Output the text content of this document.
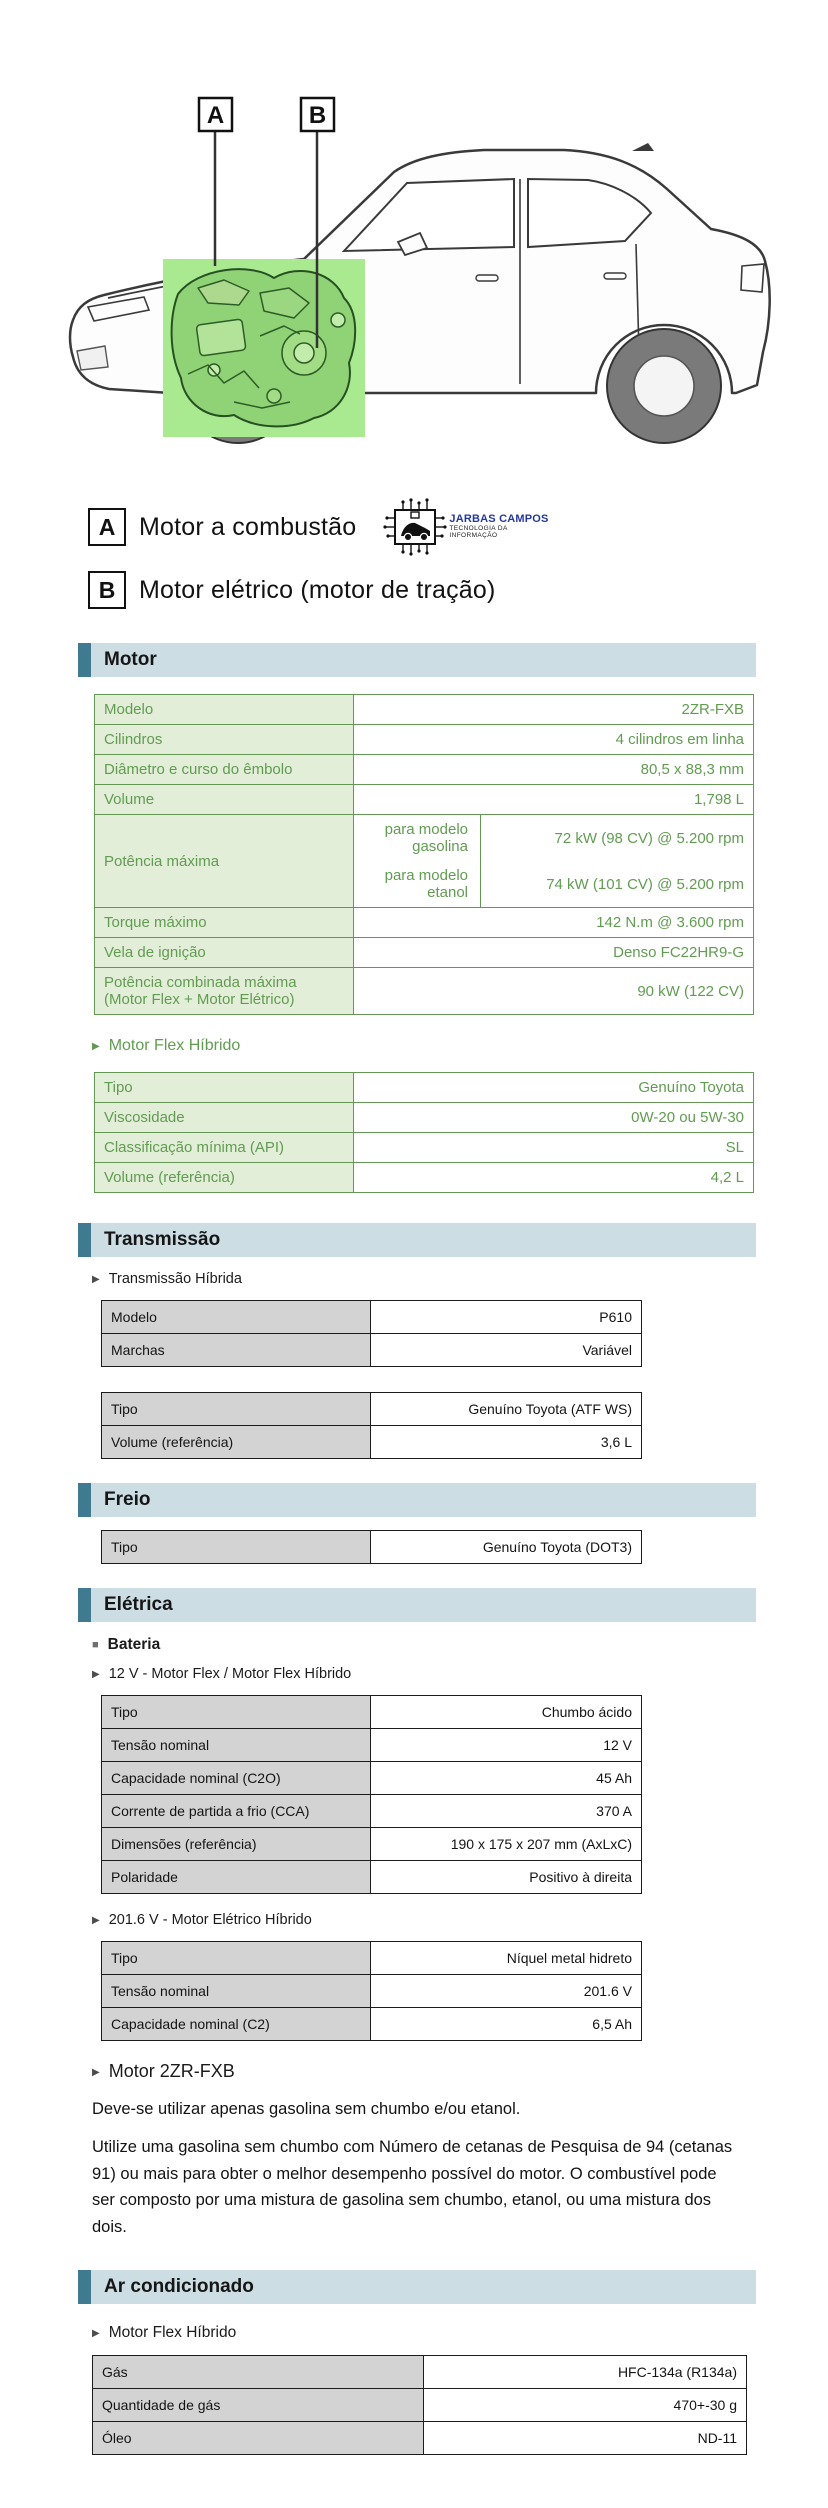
A	B
A Motor a combustão	JARBAS CAMPOS
TECNOLOGIA DA
INFORMAÇÃO
B Motor elétrico (motor de tração)
Motor
Modelo	2ZR-FXB	
Cilindros	4 cilindros em linha	
Diâmetro e curso do êmbolo	80,5 x 88,3 mm	
Volume	1,798 L	
Potência máxima	para modelo gasolina	72 kW (98 CV) @ 5.200 rpm
	para modelo etanol	74 kW (101 CV) @ 5.200 rpm
Torque máximo	142 N.m @ 3.600 rpm	
Vela de ignição	Denso FC22HR9-G	
Potência combinada máxima (Motor Flex + Motor Elétrico)	90 kW (122 CV)	
▶ Motor Flex Híbrido
Tipo	Genuíno Toyota
Viscosidade	0W-20 ou 5W-30
Classificação mínima (API)	SL
Volume (referência)	4,2 L
Transmissão
▶ Transmissão Híbrida
Modelo	P610
Marchas	Variável
Tipo	Genuíno Toyota (ATF WS)
Volume (referência)	3,6 L
Freio
Tipo	Genuíno Toyota (DOT3)
Elétrica
■ Bateria
▶ 12 V - Motor Flex / Motor Flex Híbrido
Tipo	Chumbo ácido
Tensão nominal	12 V
Capacidade nominal (C2O)	45 Ah
Corrente de partida a frio (CCA)	370 A
Dimensões (referência)	190 x 175 x 207 mm (AxLxC)
Polaridade	Positivo à direita
▶ 201.6 V - Motor Elétrico Híbrido
Tipo	Níquel metal hidreto
Tensão nominal	201.6 V
Capacidade nominal (C2)	6,5 Ah
▶ Motor 2ZR-FXB

Deve-se utilizar apenas gasolina sem chumbo e/ou etanol.

Utilize uma gasolina sem chumbo com Número de cetanas de Pesquisa de 94 (cetanas 91) ou mais para obter o melhor desempenho possível do motor. O combustível pode ser composto por uma mistura de gasolina sem chumbo, etanol, ou uma mistura dos dois.

Ar condicionado
▶ Motor Flex Híbrido
Gás	HFC-134a (R134a)
Quantidade de gás	470+-30 g
Óleo	ND-11
